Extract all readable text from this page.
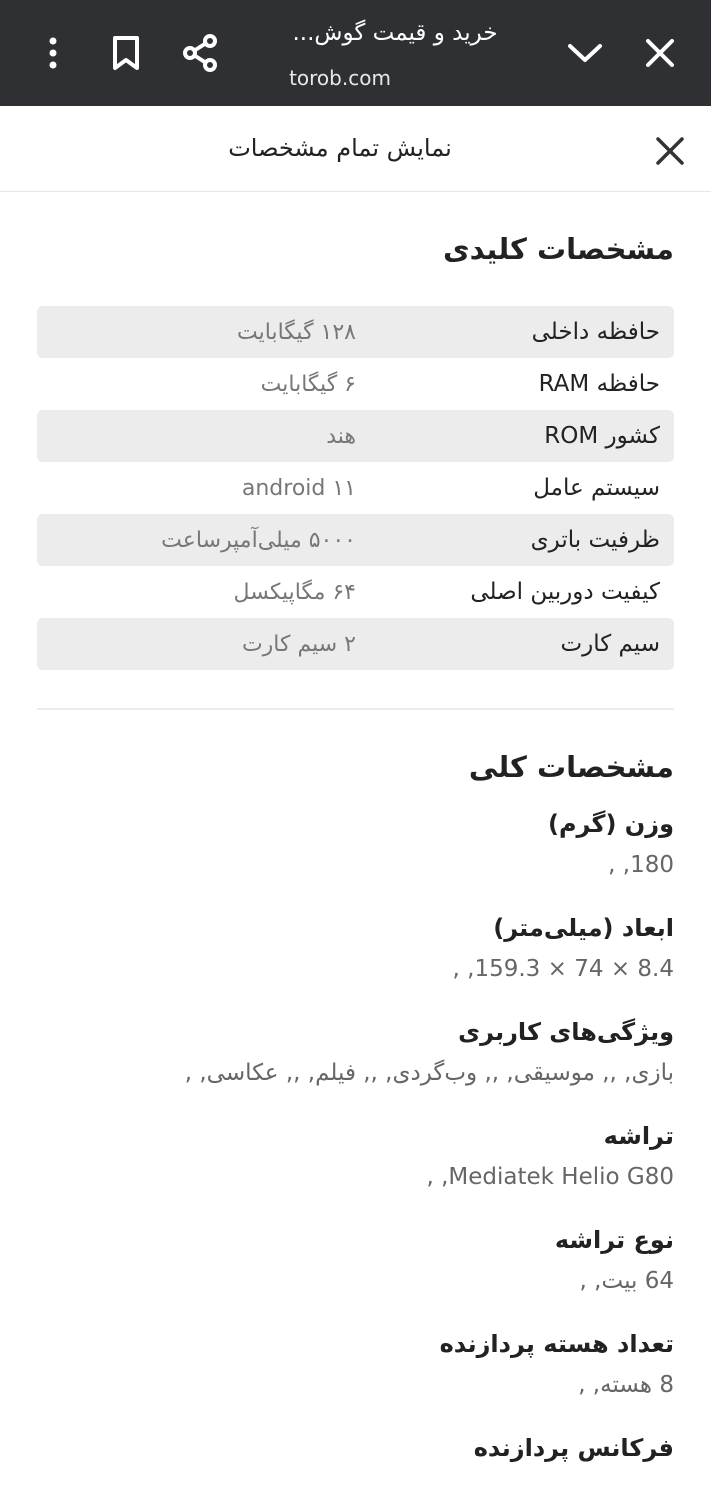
خرید و قیمت گوش...
torob.com
نمایش تمام مشخصات
مشخصات کلیدی
حافظه داخلی
۱۲۸ گیگابایت
حافظه RAM
۶ گیگابایت
کشور ROM
هند
سیستم عامل
android ۱۱
ظرفیت باتری
۵۰۰۰ میلی‌آمپرساعت
کیفیت دوربین اصلی
۶۴ مگاپیکسل
سیم کارت
۲ سیم کارت
مشخصات کلی
وزن (گرم)
180, ,
ابعاد (میلی‌متر)
8.4 × 74 × 159.3, ,
ویژگی‌های کاربری
بازی, ,, موسیقی, ,, وب‌گردی, ,, فیلم, ,, عکاسی, ,
تراشه
Mediatek Helio G80, ,
نوع تراشه
64 بیت, ,
تعداد هسته پردازنده
8 هسته, ,
فرکانس پردازنده
